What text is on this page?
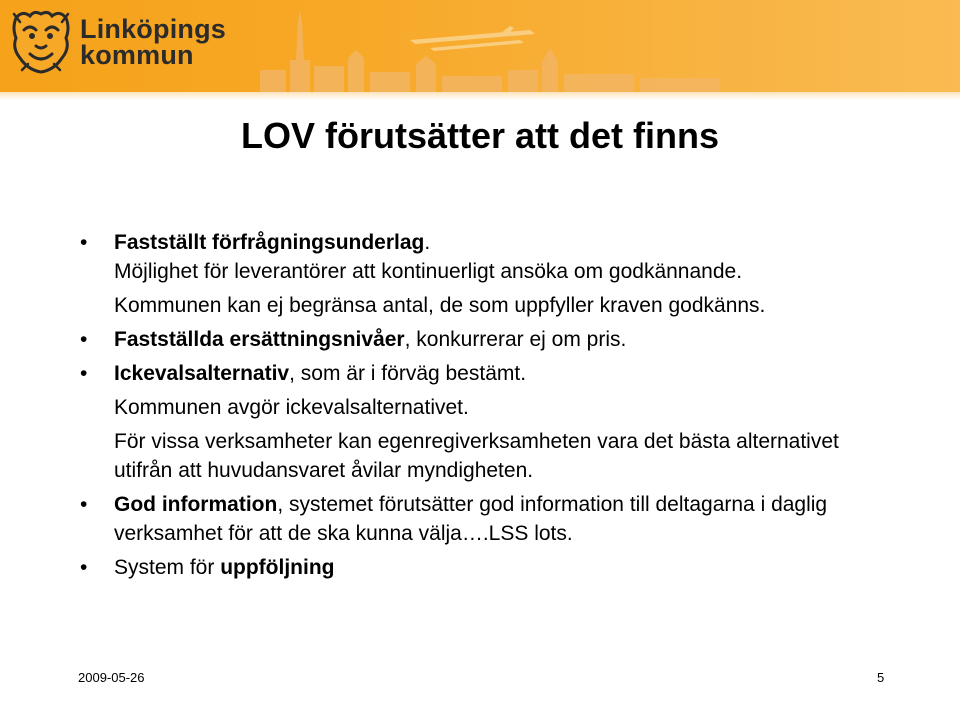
Linköpings
kommun
LOV förutsätter att det finns

• Fastställt förfrågningsunderlag.

Möjlighet för leverantörer att kontinuerligt ansöka om godkännande.

Kommunen kan ej begränsa antal, de som uppfyller kraven godkänns.

• Fastställda ersättningsnivåer, konkurrerar ej om pris.

• Ickevalsalternativ, som är i förväg bestämt.

Kommunen avgör ickevalsalternativet.

För vissa verksamheter kan egenregiverksamheten vara det bästa alternativet utifrån att huvudansvaret åvilar myndigheten.

• God information, systemet förutsätter god information till deltagarna i daglig verksamhet för att de ska kunna välja….LSS lots.

• System för uppföljning

2009-05-26	5
